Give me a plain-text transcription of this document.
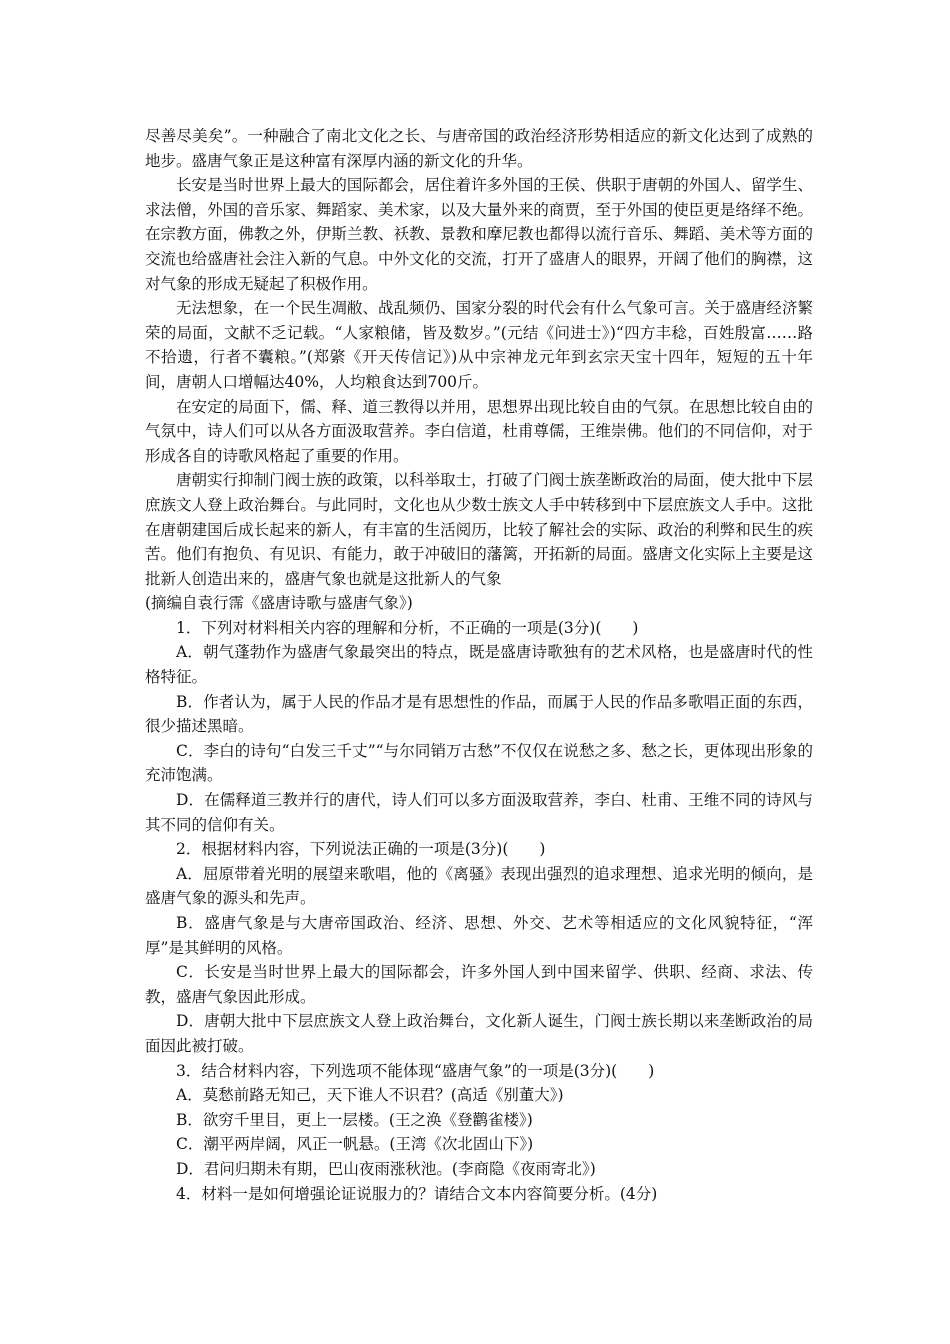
尽善尽美矣”。一种融合了南北文化之长、与唐帝国的政治经济形势相适应的新文化达到了成熟的地步。盛唐气象正是这种富有深厚内涵的新文化的升华。

长安是当时世界上最大的国际都会，居住着许多外国的王侯、供职于唐朝的外国人、留学生、求法僧，外国的音乐家、舞蹈家、美术家，以及大量外来的商贾，至于外国的使臣更是络绎不绝。在宗教方面，佛教之外，伊斯兰教、袄教、景教和摩尼教也都得以流行音乐、舞蹈、美术等方面的交流也给盛唐社会注入新的气息。中外文化的交流，打开了盛唐人的眼界，开阔了他们的胸襟，这对气象的形成无疑起了积极作用。

无法想象，在一个民生凋敝、战乱频仍、国家分裂的时代会有什么气象可言。关于盛唐经济繁荣的局面，文献不乏记载。“人家粮储，皆及数岁。”(元结《问进士》)“四方丰稔，百姓殷富……路不拾遗，行者不囊粮。”(郑綮《开天传信记》)从中宗神龙元年到玄宗天宝十四年，短短的五十年间，唐朝人口增幅达40%，人均粮食达到700斤。

在安定的局面下，儒、释、道三教得以并用，思想界出现比较自由的气氛。在思想比较自由的气氛中，诗人们可以从各方面汲取营养。李白信道，杜甫尊儒，王维崇佛。他们的不同信仰，对于形成各自的诗歌风格起了重要的作用。

唐朝实行抑制门阀士族的政策，以科举取士，打破了门阀士族垄断政治的局面，使大批中下层庶族文人登上政治舞台。与此同时，文化也从少数士族文人手中转移到中下层庶族文人手中。这批在唐朝建国后成长起来的新人，有丰富的生活阅历，比较了解社会的实际、政治的利弊和民生的疾苦。他们有抱负、有见识、有能力，敢于冲破旧的藩篱，开拓新的局面。盛唐文化实际上主要是这批新人创造出来的，盛唐气象也就是这批新人的气象

(摘编自袁行霈《盛唐诗歌与盛唐气象》)

1．下列对材料相关内容的理解和分析，不正确的一项是(3分)(　　)

A．朝气蓬勃作为盛唐气象最突出的特点，既是盛唐诗歌独有的艺术风格，也是盛唐时代的性格特征。

B．作者认为，属于人民的作品才是有思想性的作品，而属于人民的作品多歌唱正面的东西，很少描述黑暗。

C．李白的诗句“白发三千丈”“与尔同销万古愁”不仅仅在说愁之多、愁之长，更体现出形象的充沛饱满。

D．在儒释道三教并行的唐代，诗人们可以多方面汲取营养，李白、杜甫、王维不同的诗风与其不同的信仰有关。

2．根据材料内容，下列说法正确的一项是(3分)(　　)

A．屈原带着光明的展望来歌唱，他的《离骚》表现出强烈的追求理想、追求光明的倾向，是盛唐气象的源头和先声。

B．盛唐气象是与大唐帝国政治、经济、思想、外交、艺术等相适应的文化风貌特征，“浑厚”是其鲜明的风格。

C．长安是当时世界上最大的国际都会，许多外国人到中国来留学、供职、经商、求法、传教，盛唐气象因此形成。

D．唐朝大批中下层庶族文人登上政治舞台，文化新人诞生，门阀士族长期以来垄断政治的局面因此被打破。

3．结合材料内容，下列选项不能体现“盛唐气象”的一项是(3分)(　　)

A．莫愁前路无知己，天下谁人不识君？(高适《别董大》)

B．欲穷千里目，更上一层楼。(王之涣《登鹳雀楼》)

C．潮平两岸阔，风正一帆悬。(王湾《次北固山下》)

D．君问归期未有期，巴山夜雨涨秋池。(李商隐《夜雨寄北》)

4．材料一是如何增强论证说服力的？请结合文本内容简要分析。(4分)
